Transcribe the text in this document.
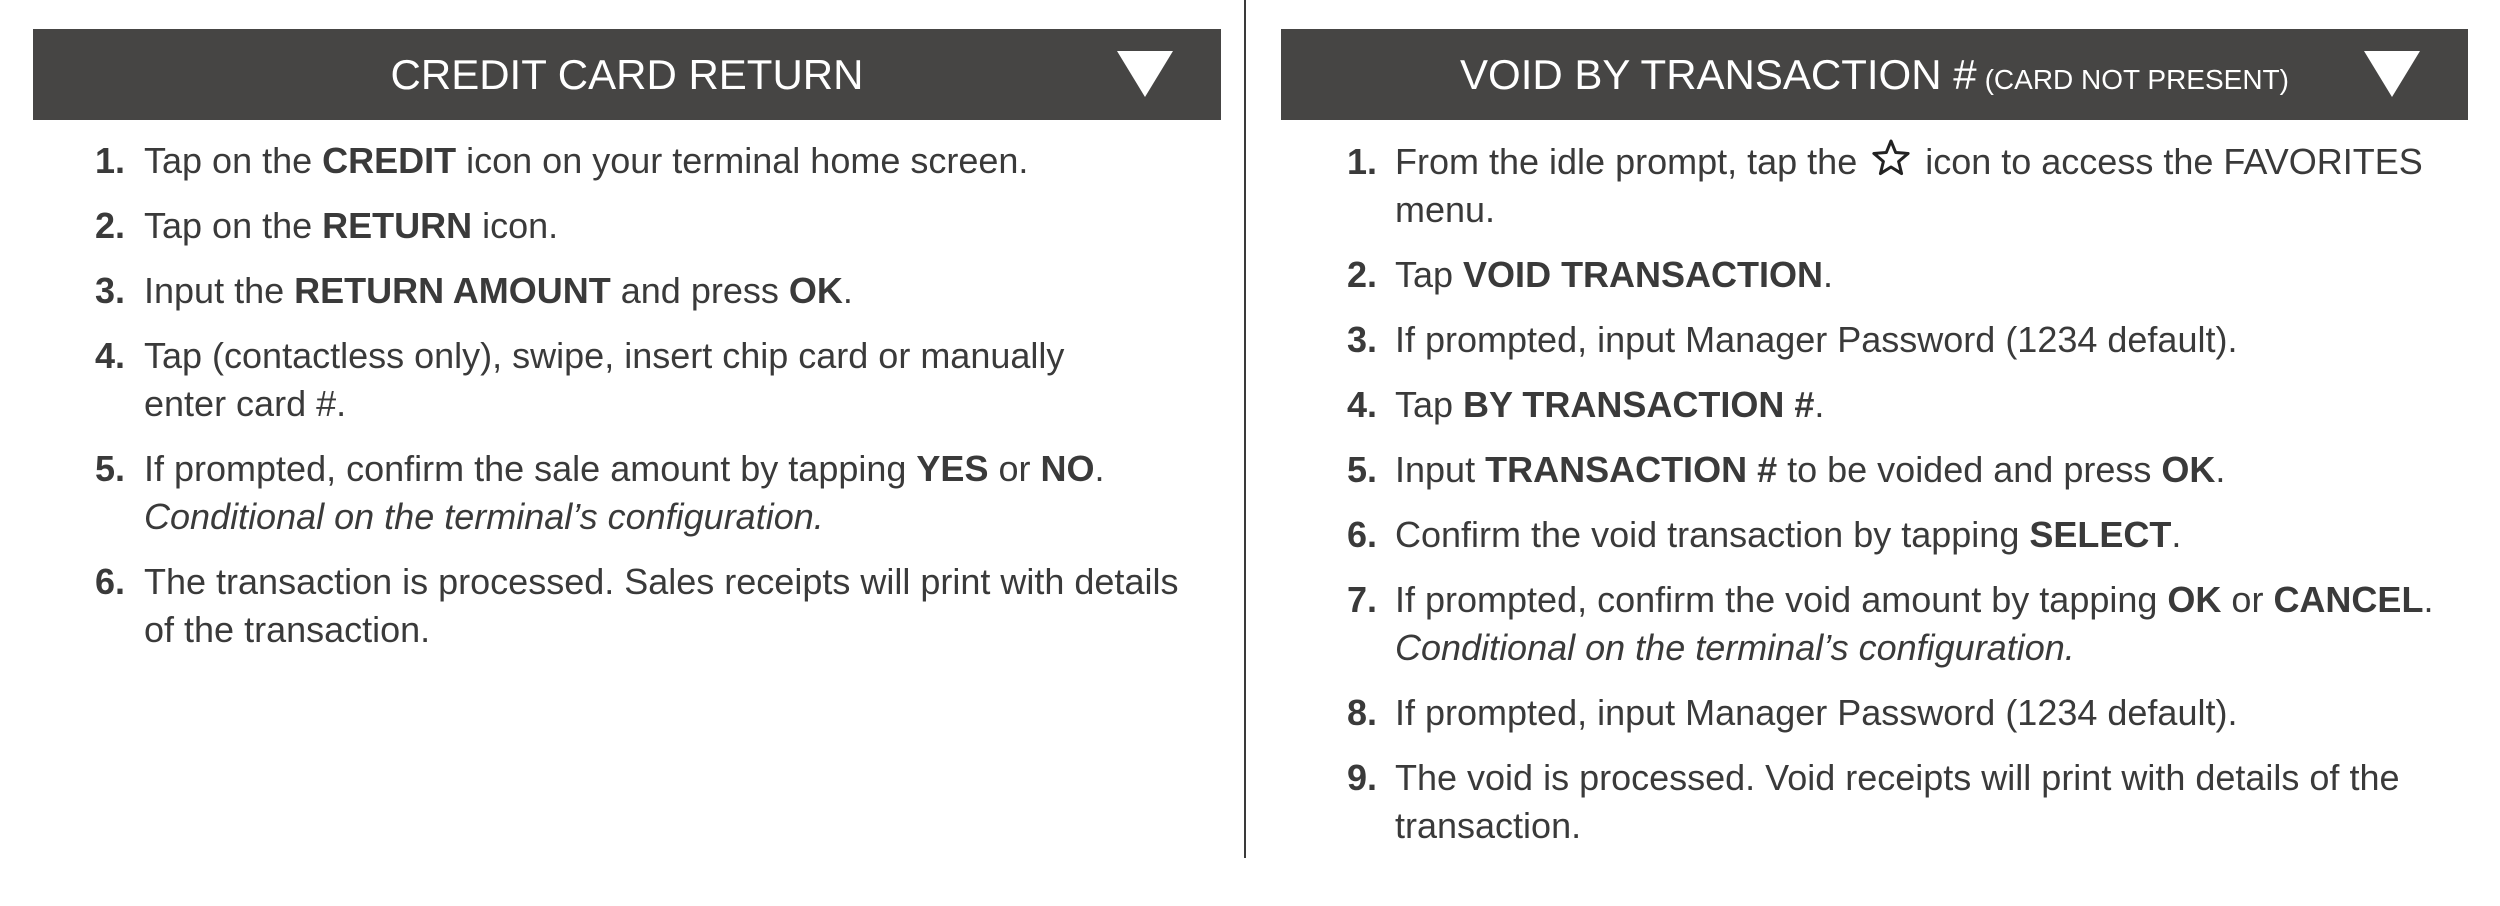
CREDIT CARD RETURN
1. Tap on the CREDIT icon on your terminal home screen.
2. Tap on the RETURN icon.
3. Input the RETURN AMOUNT and press OK.
4. Tap (contactless only), swipe, insert chip card or manually
enter card #.
5. If prompted, confirm the sale amount by tapping YES or NO.
Conditional on the terminal’s configuration.
6. The transaction is processed. Sales receipts will print with details
of the transaction.
VOID BY TRANSACTION # (CARD NOT PRESENT)
1. From the idle prompt, tap the  icon to access the FAVORITES
menu.
2. Tap VOID TRANSACTION.
3. If prompted, input Manager Password (1234 default).
4. Tap BY TRANSACTION #.
5. Input TRANSACTION # to be voided and press OK.
6. Confirm the void transaction by tapping SELECT.
7. If prompted, confirm the void amount by tapping OK or CANCEL.
Conditional on the terminal’s configuration.
8. If prompted, input Manager Password (1234 default).
9. The void is processed. Void receipts will print with details of the
transaction.
